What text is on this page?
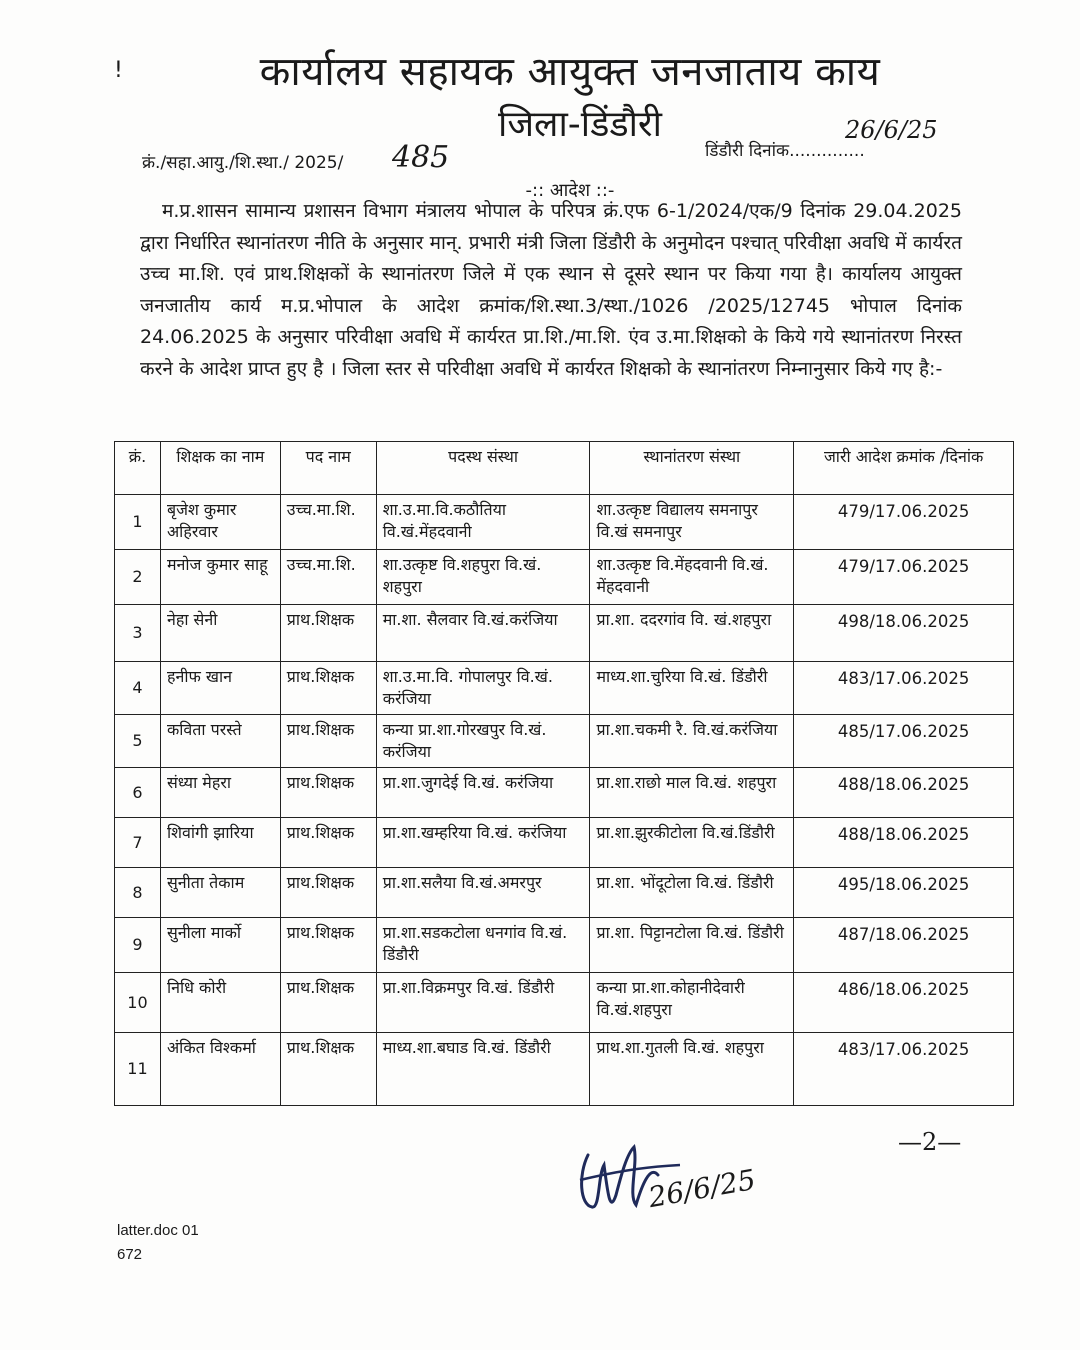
!	कार्यालय सहायक आयुक्त जनजाताय काय
जिला-डिंडौरी
क्रं./सहा.आयु./शि.स्था./ 2025/ 485	डिंडौरी दिनांक..............
26/6/25
-:: आदेश ::-

म.प्र.शासन सामान्य प्रशासन विभाग मंत्रालय भोपाल के परिपत्र क्रं.एफ 6-1/2024/एक/9 दिनांक 29.04.2025 द्वारा निर्धारित स्थानांतरण नीति के अनुसार मान्. प्रभारी मंत्री जिला डिंडौरी के अनुमोदन पश्चात् परिवीक्षा अवधि में कार्यरत उच्च मा.शि. एवं प्राथ.शिक्षकों के स्थानांतरण जिले में एक स्थान से दूसरे स्थान पर किया गया है। कार्यालय आयुक्त जनजातीय कार्य म.प्र.भोपाल के आदेश क्रमांक/शि.स्था.3/स्था./1026 /2025/12745 भोपाल दिनांक 24.06.2025 के अनुसार परिवीक्षा अवधि में कार्यरत प्रा.शि./मा.शि. एंव उ.मा.शिक्षको के किये गये स्थानांतरण निरस्त करने के आदेश प्राप्त हुए है । जिला स्तर से परिवीक्षा अवधि में कार्यरत शिक्षको के स्थानांतरण निम्नानुसार किये गए है:-

क्रं.	शिक्षक का नाम	पद नाम	पदस्थ संस्था	स्थानांतरण संस्था	जारी आदेश क्रमांक /दिनांक
1	बृजेश कुमार अहिरवार	उच्च.मा.शि.	शा.उ.मा.वि.कठौतिया वि.खं.मेंहदवानी	शा.उत्कृष्ट विद्यालय समनापुर वि.खं समनापुर	479/17.06.2025
2	मनोज कुमार साहू	उच्च.मा.शि.	शा.उत्कृष्ट वि.शहपुरा वि.खं. शहपुरा	शा.उत्कृष्ट वि.मेंहदवानी वि.खं. मेंहदवानी	479/17.06.2025
3	नेहा सेनी	प्राथ.शिक्षक	मा.शा. सैलवार वि.खं.करंजिया	प्रा.शा. ददरगांव वि. खं.शहपुरा	498/18.06.2025
4	हनीफ खान	प्राथ.शिक्षक	शा.उ.मा.वि. गोपालपुर वि.खं. करंजिया	माध्य.शा.चुरिया वि.खं. डिंडौरी	483/17.06.2025
5	कविता परस्ते	प्राथ.शिक्षक	कन्या प्रा.शा.गोरखपुर वि.खं. करंजिया	प्रा.शा.चकमी रै. वि.खं.करंजिया	485/17.06.2025
6	संध्या मेहरा	प्राथ.शिक्षक	प्रा.शा.जुगदेई वि.खं. करंजिया	प्रा.शा.राछो माल वि.खं. शहपुरा	488/18.06.2025
7	शिवांगी झारिया	प्राथ.शिक्षक	प्रा.शा.खम्हरिया वि.खं. करंजिया	प्रा.शा.झुरकीटोला वि.खं.डिंडौरी	488/18.06.2025
8	सुनीता तेकाम	प्राथ.शिक्षक	प्रा.शा.सलैया वि.खं.अमरपुर	प्रा.शा. भोंदूटोला वि.खं. डिंडौरी	495/18.06.2025
9	सुनीला मार्को	प्राथ.शिक्षक	प्रा.शा.सडकटोला धनगांव वि.खं. डिंडौरी	प्रा.शा. पिट्टानटोला वि.खं. डिंडौरी	487/18.06.2025
10	निधि कोरी	प्राथ.शिक्षक	प्रा.शा.विक्रमपुर वि.खं. डिंडौरी	कन्या प्रा.शा.कोहानीदेवारी वि.खं.शहपुरा	486/18.06.2025
11	अंकित विश्कर्मा	प्राथ.शिक्षक	माध्य.शा.बघाड वि.खं. डिंडौरी	प्राथ.शा.गुतली वि.खं. शहपुरा	483/17.06.2025
—2—
26/6/25
latter.doc 01
672
